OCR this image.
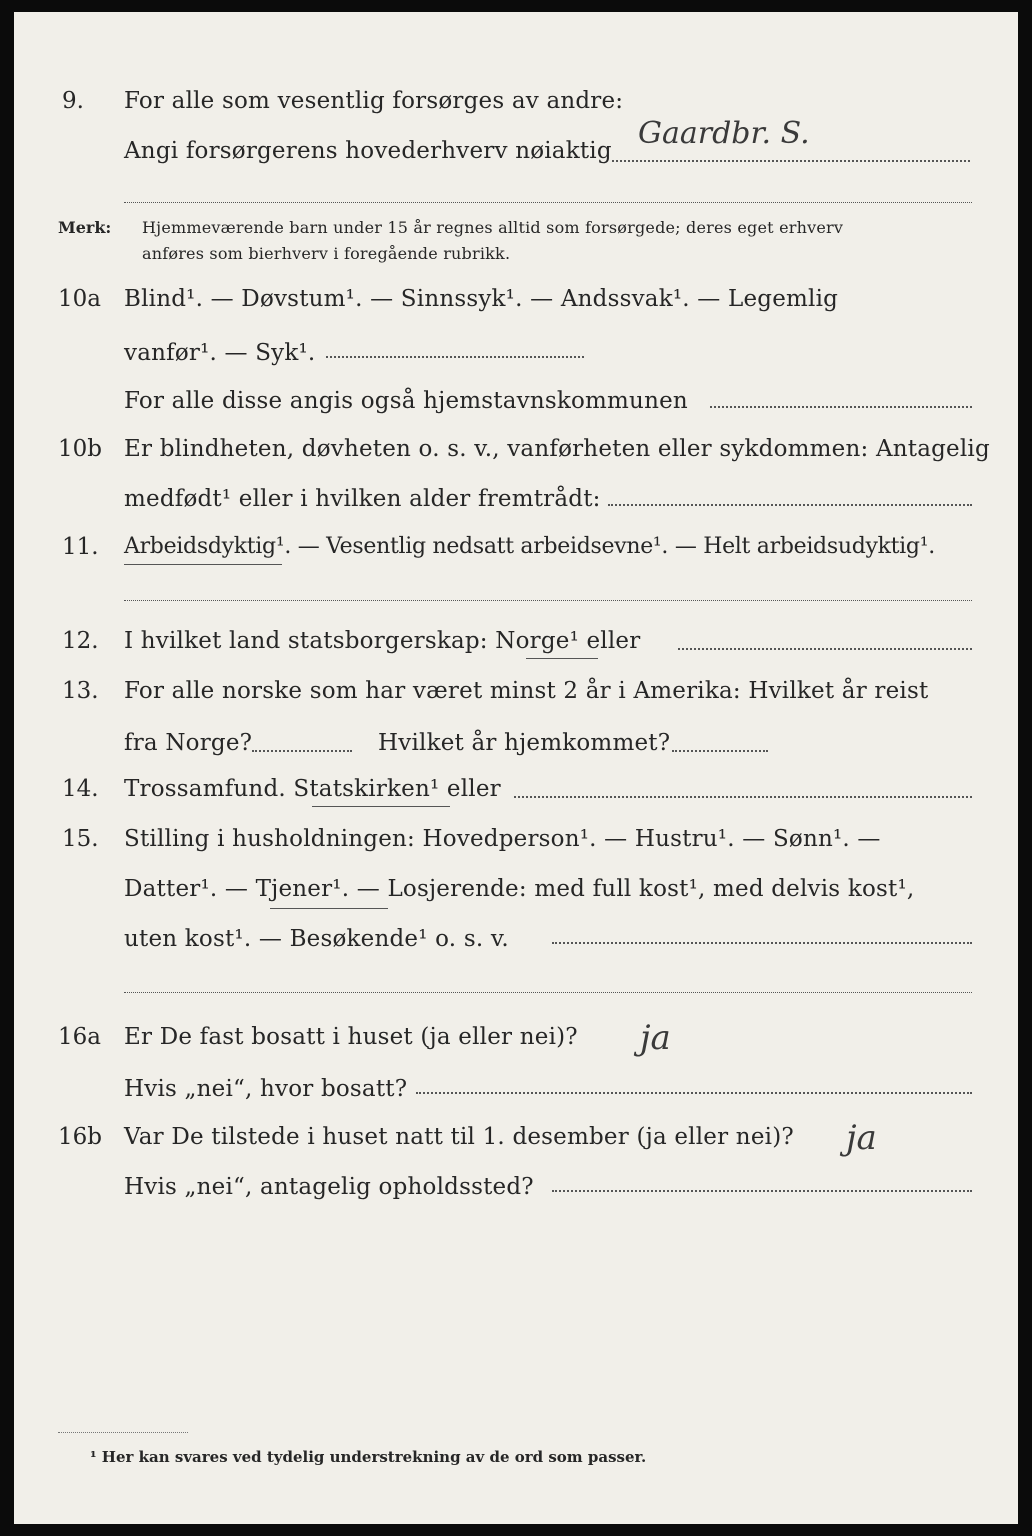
9. For alle som vesentlig forsørges av andre:
Angi forsørgerens hovederhverv nøiaktig Gaardbr. S.
Merk: Hjemmeværende barn under 15 år regnes alltid som forsørgede; deres eget erhverv
anføres som bierhverv i foregående rubrikk.
10a Blind¹. — Døvstum¹. — Sinnssyk¹. — Andssvak¹. — Legemlig
vanfør¹. — Syk¹.
For alle disse angis også hjemstavnskommunen
10b Er blindheten, døvheten o. s. v., vanførheten eller sykdommen: Antagelig
medfødt¹ eller i hvilken alder fremtrådt:
11. Arbeidsdyktig¹. — Vesentlig nedsatt arbeidsevne¹. — Helt arbeidsudyktig¹.
12. I hvilket land statsborgerskap: Norge¹ eller
13. For alle norske som har været minst 2 år i Amerika: Hvilket år reist
fra Norge?	Hvilket år hjemkommet?
14. Trossamfund. Statskirken¹ eller
15. Stilling i husholdningen: Hovedperson¹. — Hustru¹. — Sønn¹. —
Datter¹. — Tjener¹. — Losjerende: med full kost¹, med delvis kost¹,
uten kost¹. — Besøkende¹ o. s. v.
16a Er De fast bosatt i huset (ja eller nei)? ja
Hvis „nei“, hvor bosatt?
16b Var De tilstede i huset natt til 1. desember (ja eller nei)? ja
Hvis „nei“, antagelig opholdssted?
¹ Her kan svares ved tydelig understrekning av de ord som passer.
